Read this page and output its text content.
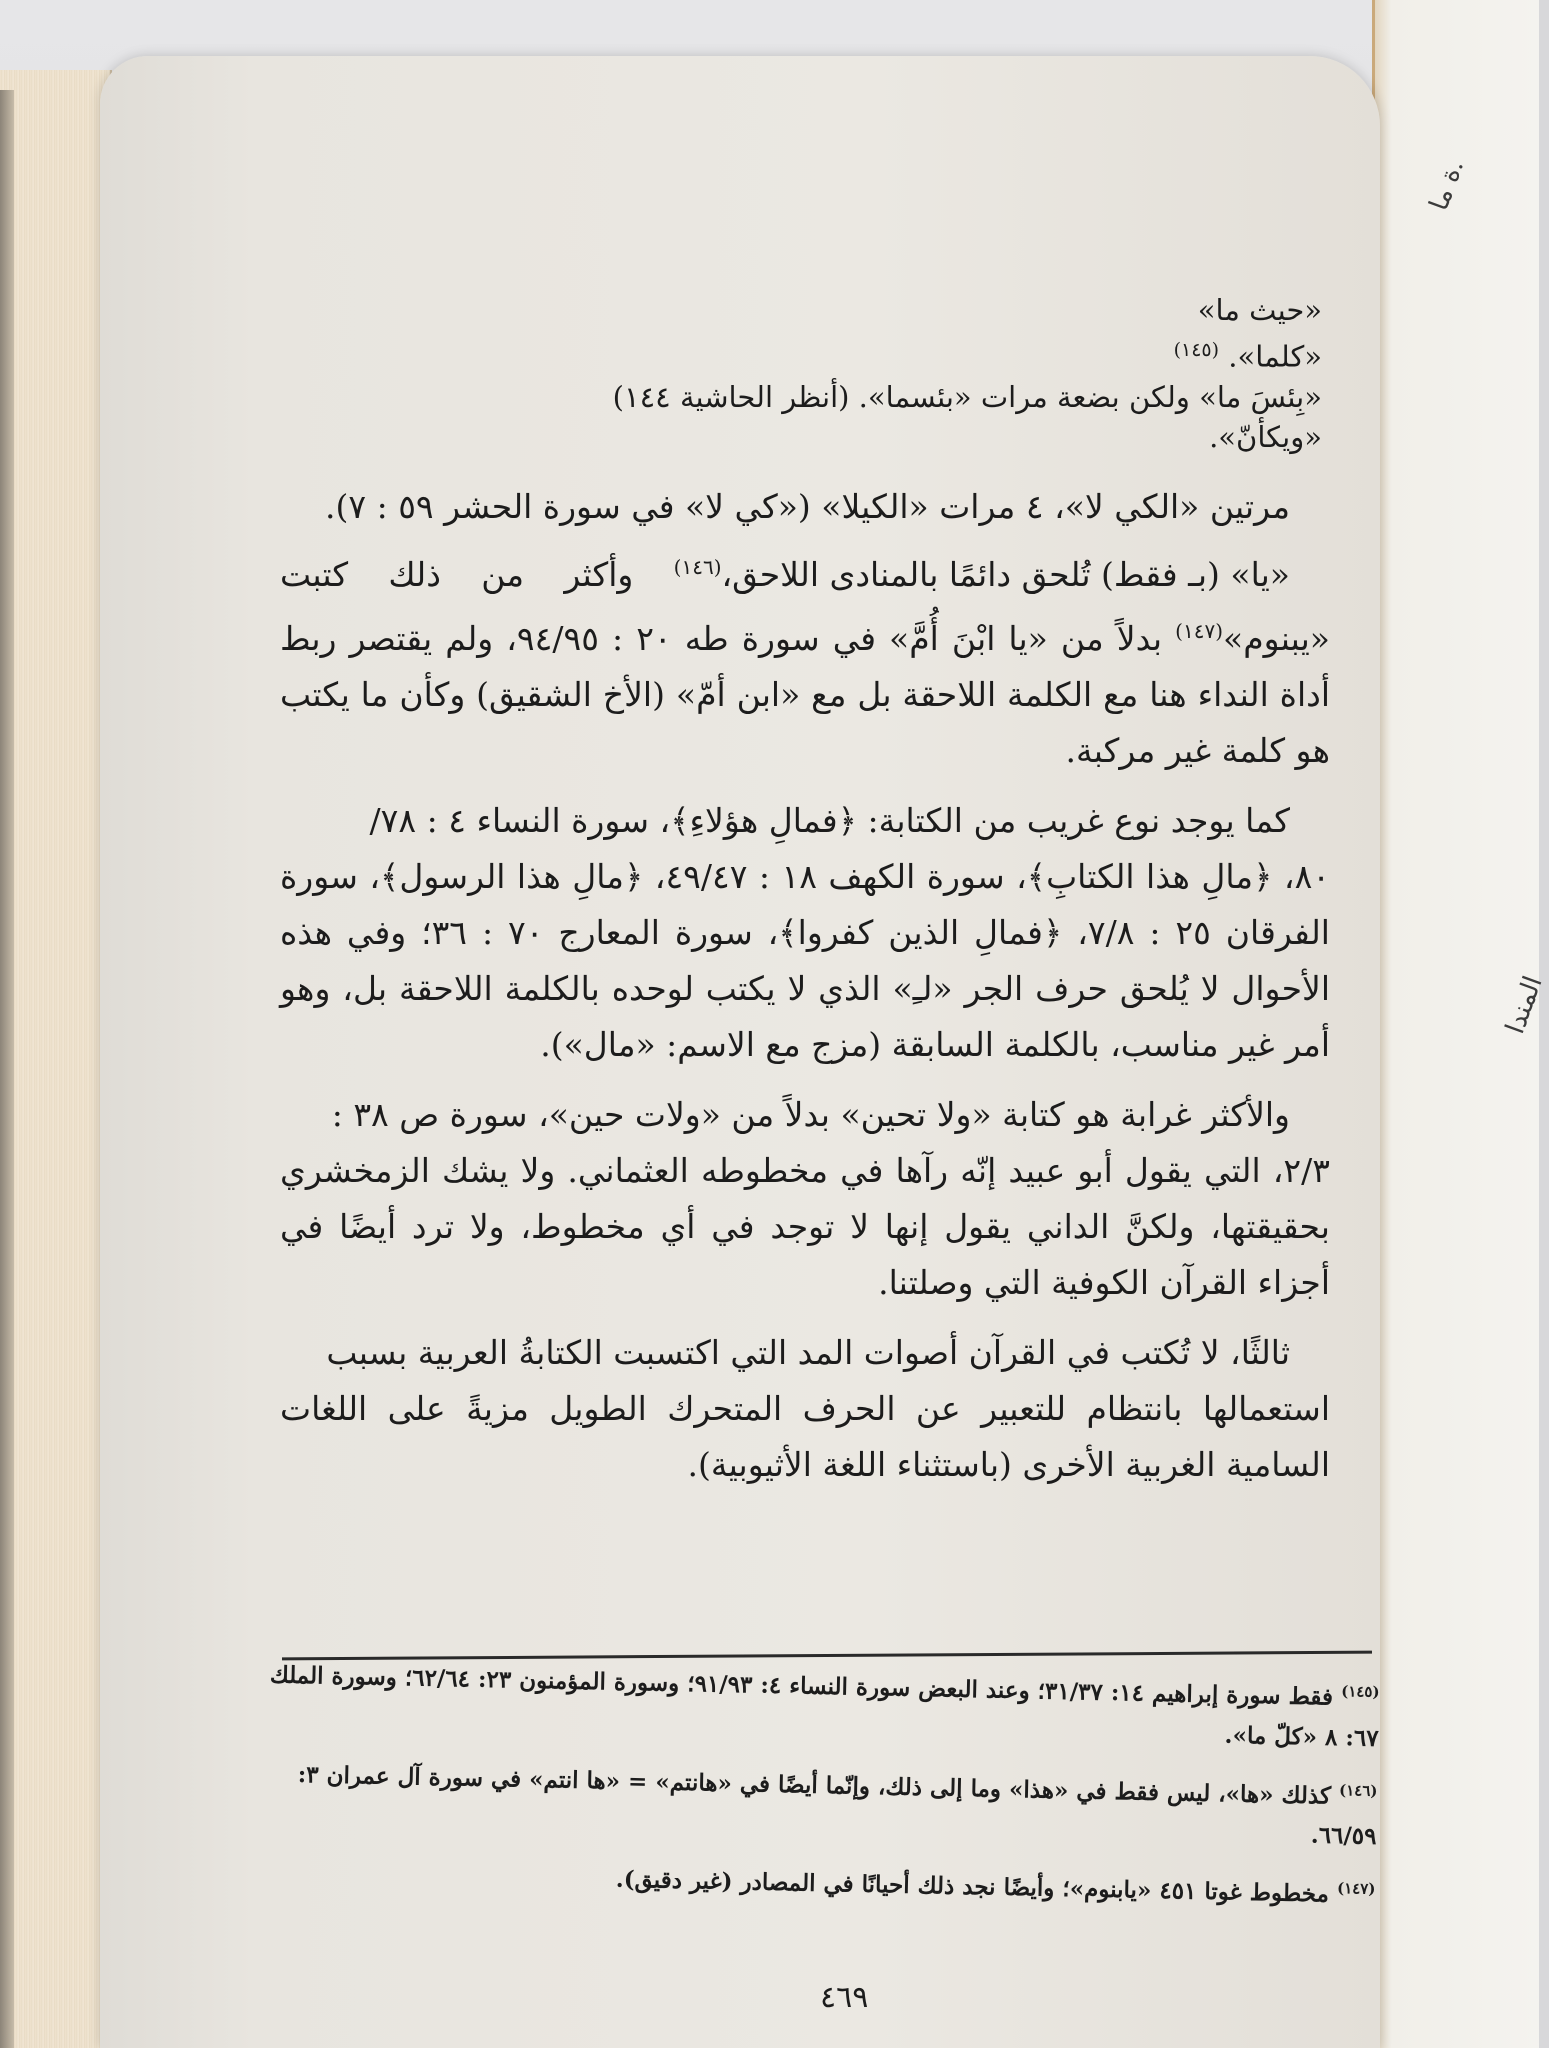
ة ما.
المندا

«حيث ما»

«كلما». $^{(١٤٥)}$

«بِئسَ ما» ولكن بضعة مرات «بئسما». (أنظر الحاشية ١٤٤)

«ويكأنّ».

مرتين «الكي لا»، ٤ مرات «الكيلا» («كي لا» في سورة الحشر ٥٩ : ٧).

«يا» (بـ فقط) تُلحق دائمًا بالمنادى اللاحق،$^{(١٤٦)}$ وأكثر من ذلك كتبت «يبنوم»$^{(١٤٧)}$ بدلاً من «يا ابْنَ أُمَّ» في سورة طه ٢٠ : ٩٤/٩٥، ولم يقتصر ربط أداة النداء هنا مع الكلمة اللاحقة بل مع «ابن أمّ» (الأخ الشقيق) وكأن ما يكتب هو كلمة غير مركبة.

كما يوجد نوع غريب من الكتابة: ﴿فمالِ هؤلاءِ﴾، سورة النساء ٤ : ٧٨/
٨٠، ﴿مالِ هذا الكتابِ﴾، سورة الكهف ١٨ : ٤٩/٤٧، ﴿مالِ هذا الرسول﴾، سورة الفرقان ٢٥ : ٧/٨، ﴿فمالِ الذين كفروا﴾، سورة المعارج ٧٠ : ٣٦؛ وفي هذه الأحوال لا يُلحق حرف الجر «لـِ» الذي لا يكتب لوحده بالكلمة اللاحقة بل، وهو أمر غير مناسب، بالكلمة السابقة (مزج مع الاسم: «مال»).

والأكثر غرابة هو كتابة «ولا تحين» بدلاً من «ولات حين»، سورة ص ٣٨ :
٢/٣، التي يقول أبو عبيد إنّه رآها في مخطوطه العثماني. ولا يشك الزمخشري بحقيقتها، ولكنَّ الداني يقول إنها لا توجد في أي مخطوط، ولا ترد أيضًا في أجزاء القرآن الكوفية التي وصلتنا.

ثالثًا، لا تُكتب في القرآن أصوات المد التي اكتسبت الكتابةُ العربية بسبب
استعمالها بانتظام للتعبير عن الحرف المتحرك الطويل مزيةً على اللغات السامية الغربية الأخرى (باستثناء اللغة الأثيوبية).

$^{(١٤٥)}$ فقط سورة إبراهيم ١٤: ٣١/٣٧؛ وعند البعض سورة النساء ٤: ٩١/٩٣؛ وسورة المؤمنون ٢٣: ٦٢/٦٤؛ وسورة الملك ٦٧: ٨ «كلّ ما».

$^{(١٤٦)}$ كذلك «ها»، ليس فقط في «هذا» وما إلى ذلك، وإنّما أيضًا في «هانتم» = «ها انتم» في سورة آل عمران ٣: ٦٦/٥٩.

$^{(١٤٧)}$ مخطوط غوتا ٤٥١ «يابنوم»؛ وأيضًا نجد ذلك أحيانًا في المصادر (غير دقيق).

٤٦٩
